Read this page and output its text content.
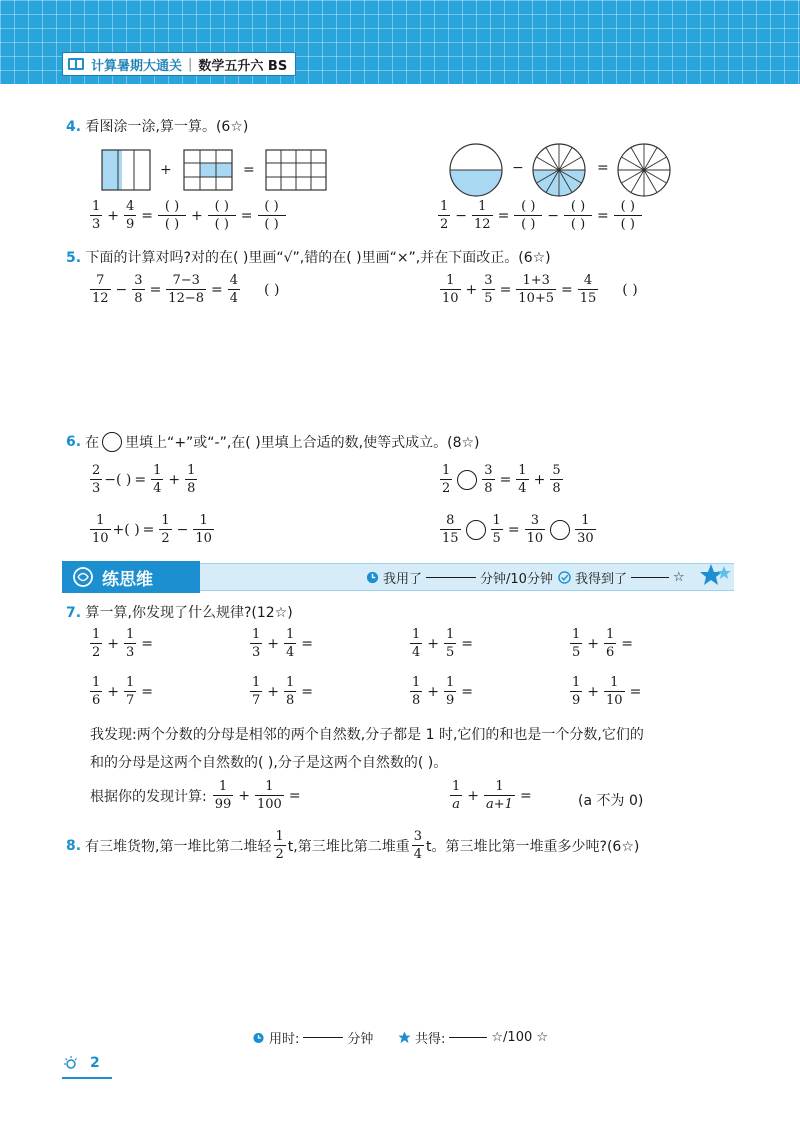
计算暑期大通关 | 数学五升六 BS
4. 看图涂一涂,算一算。(6☆)
+	=	−	=
$\frac{1}{3} + \frac{4}{9} = \frac{( )}{( )} + \frac{( )}{( )} = \frac{( )}{( )}$	$\frac{1}{2} - \frac{1}{12} = \frac{( )}{( )} - \frac{( )}{( )} = \frac{( )}{( )}$
5. 下面的计算对吗?对的在( )里画“√”,错的在( )里画“×”,并在下面改正。(6☆)
$\frac{7}{12} - \frac{3}{8} = \frac{7-3}{12-8} = \frac{4}{4}$ ( )	$\frac{1}{10} + \frac{3}{5} = \frac{1+3}{10+5} = \frac{4}{15}$ ( )
6. 在 里填上“+”或“-”,在( )里填上合适的数,使等式成立。(8☆)
$\frac{2}{3}$ −( ) = $\frac{1}{4} + \frac{1}{8}$	$\frac{1}{2} \frac{3}{8} = \frac{1}{4} + \frac{5}{8}$
$\frac{1}{10}$ +( ) = $\frac{1}{2} - \frac{1}{10}$	$\frac{8}{15} \frac{1}{5} = \frac{3}{10} \frac{1}{30}$
练思维	我用了	分钟/10分钟 我得到了	☆
7. 算一算,你发现了什么规律?(12☆)
$\frac{1}{2} + \frac{1}{3}$ =	$\frac{1}{3} + \frac{1}{4}$ =	$\frac{1}{4} + \frac{1}{5}$ =	$\frac{1}{5} + \frac{1}{6}$ =
$\frac{1}{6} + \frac{1}{7}$ =	$\frac{1}{7} + \frac{1}{8}$ =	$\frac{1}{8} + \frac{1}{9}$ =	$\frac{1}{9} + \frac{1}{10}$ =
我发现:两个分数的分母是相邻的两个自然数,分子都是 1 时,它们的和也是一个分数,它们的
和的分母是这两个自然数的( ),分子是这两个自然数的( )。
根据你的发现计算: $\frac{1}{99} + \frac{1}{100}$ =	$\frac{1}{a} + \frac{1}{a+1}$ =	(a 不为 0)
8. 有三堆货物,第一堆比第二堆轻 $\frac{1}{2} t$,第三堆比第二堆重 $\frac{3}{4}$ t。第三堆比第一堆重多少吨?(6☆)
用时:	分钟	共得:	☆/100 ☆
2
